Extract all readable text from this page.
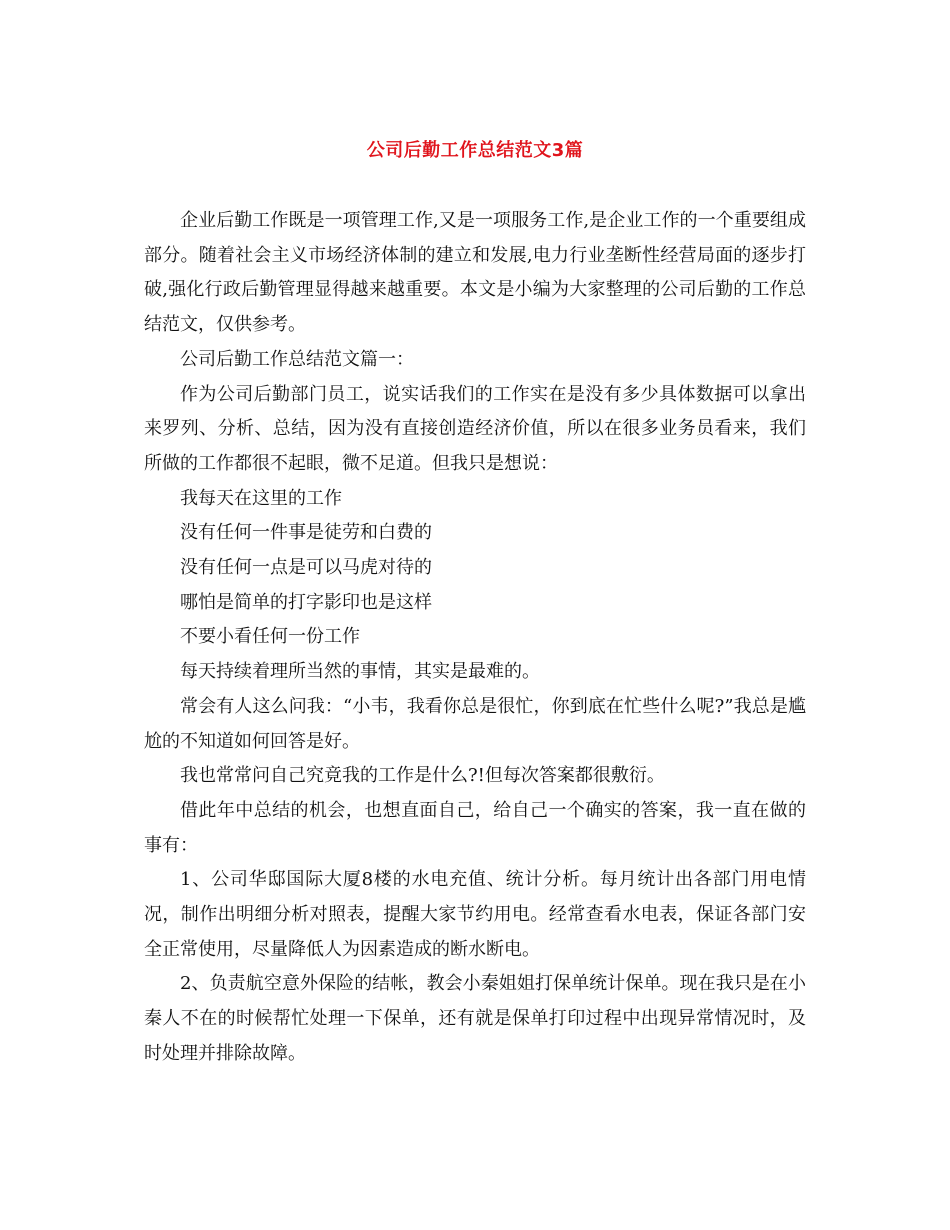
公司后勤工作总结范文3篇

企业后勤工作既是一项管理工作,又是一项服务工作,是企业工作的一个重要组成部分。随着社会主义市场经济体制的建立和发展,电力行业垄断性经营局面的逐步打破,强化行政后勤管理显得越来越重要。本文是小编为大家整理的公司后勤的工作总结范文，仅供参考。

公司后勤工作总结范文篇一：

作为公司后勤部门员工，说实话我们的工作实在是没有多少具体数据可以拿出来罗列、分析、总结，因为没有直接创造经济价值，所以在很多业务员看来，我们所做的工作都很不起眼，微不足道。但我只是想说：

我每天在这里的工作

没有任何一件事是徒劳和白费的

没有任何一点是可以马虎对待的

哪怕是简单的打字影印也是这样

不要小看任何一份工作

每天持续着理所当然的事情，其实是最难的。

常会有人这么问我：“小韦，我看你总是很忙，你到底在忙些什么呢?”我总是尴尬的不知道如何回答是好。

我也常常问自己究竟我的工作是什么?!但每次答案都很敷衍。

借此年中总结的机会，也想直面自己，给自己一个确实的答案，我一直在做的事有：

1、公司华邸国际大厦8楼的水电充值、统计分析。每月统计出各部门用电情况，制作出明细分析对照表，提醒大家节约用电。经常查看水电表，保证各部门安全正常使用，尽量降低人为因素造成的断水断电。

2、负责航空意外保险的结帐，教会小秦姐姐打保单统计保单。现在我只是在小秦人不在的时候帮忙处理一下保单，还有就是保单打印过程中出现异常情况时，及时处理并排除故障。
